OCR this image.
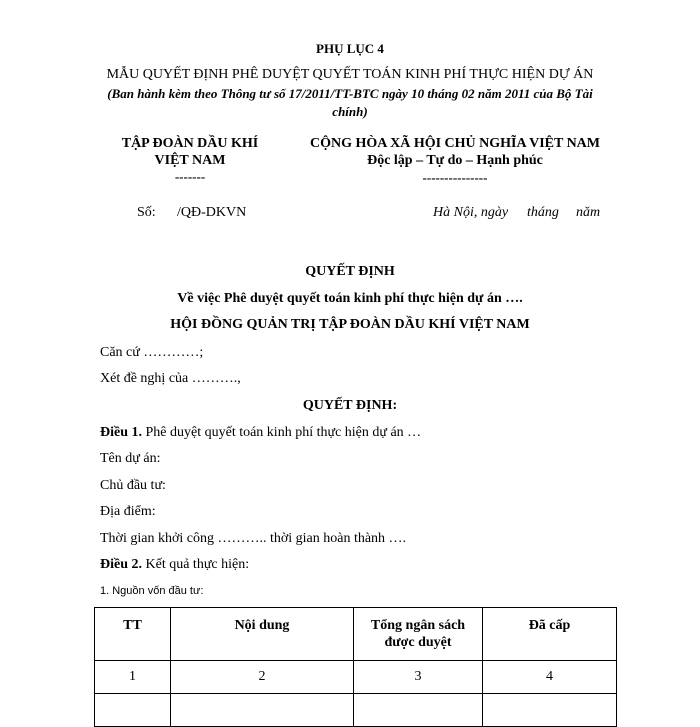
PHỤ LỤC 4
MẪU QUYẾT ĐỊNH PHÊ DUYỆT QUYẾT TOÁN KINH PHÍ THỰC HIỆN DỰ ÁN
(Ban hành kèm theo Thông tư số 17/2011/TT-BTC ngày 10 tháng 02 năm 2011 của Bộ Tài
chính)
TẬP ĐOÀN DẦU KHÍ
VIỆT NAM
-------
Số: /QĐ-DKVN
CỘNG HÒA XÃ HỘI CHỦ NGHĨA VIỆT NAM
Độc lập – Tự do – Hạnh phúc
---------------
Hà Nội, ngày tháng năm
QUYẾT ĐỊNH
Về việc Phê duyệt quyết toán kinh phí thực hiện dự án ….
HỘI ĐỒNG QUẢN TRỊ TẬP ĐOÀN DẦU KHÍ VIỆT NAM
Căn cứ …………;
Xét đề nghị của ……….,
QUYẾT ĐỊNH:
Điều 1. Phê duyệt quyết toán kinh phí thực hiện dự án …
Tên dự án:
Chủ đầu tư:
Địa điểm:
Thời gian khởi công ……….. thời gian hoàn thành ….
Điều 2. Kết quả thực hiện:
1. Nguồn vốn đầu tư:
TT	Nội dung	Tổng ngân sách được duyệt	Đã cấp
1	2	3	4
